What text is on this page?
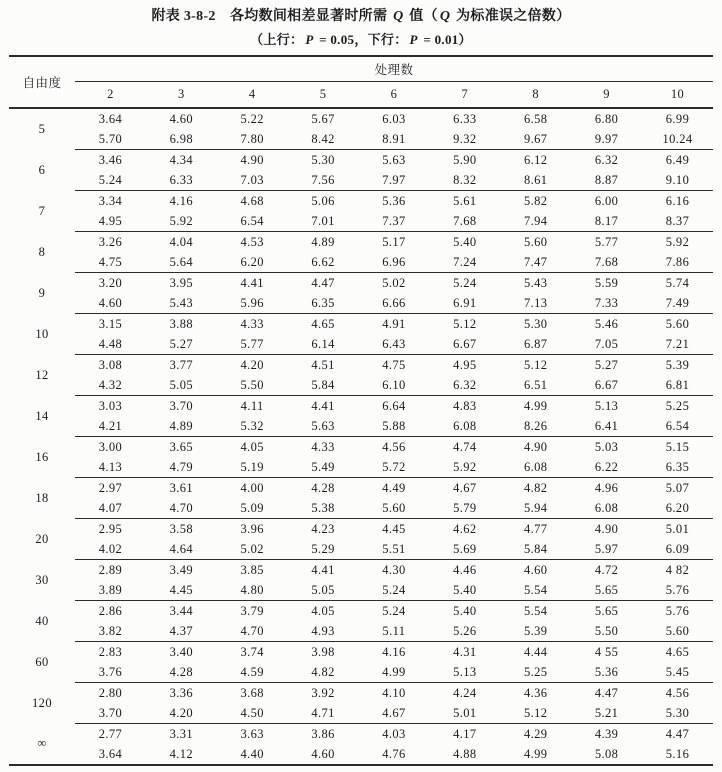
附表 3-8-2　各均数间相差显著时所需 Q 值（ Q 为标准误之倍数）
（上行： P = 0.05，下行： P = 0.01）
自由度	处理数								
	2	3	4	5	6	7	8	9	10
5	3.64	4.60	5.22	5.67	6.03	6.33	6.58	6.80	6.99
	5.70	6.98	7.80	8.42	8.91	9.32	9.67	9.97	10.24
6	3.46	4.34	4.90	5.30	5.63	5.90	6.12	6.32	6.49
	5.24	6.33	7.03	7.56	7.97	8.32	8.61	8.87	9.10
7	3.34	4.16	4.68	5.06	5.36	5.61	5.82	6.00	6.16
	4.95	5.92	6.54	7.01	7.37	7.68	7.94	8.17	8.37
8	3.26	4.04	4.53	4.89	5.17	5.40	5.60	5.77	5.92
	4.75	5.64	6.20	6.62	6.96	7.24	7.47	7.68	7.86
9	3.20	3.95	4.41	4.47	5.02	5.24	5.43	5.59	5.74
	4.60	5.43	5.96	6.35	6.66	6.91	7.13	7.33	7.49
10	3.15	3.88	4.33	4.65	4.91	5.12	5.30	5.46	5.60
	4.48	5.27	5.77	6.14	6.43	6.67	6.87	7.05	7.21
12	3.08	3.77	4.20	4.51	4.75	4.95	5.12	5.27	5.39
	4.32	5.05	5.50	5.84	6.10	6.32	6.51	6.67	6.81
14	3.03	3.70	4.11	4.41	6.64	4.83	4.99	5.13	5.25
	4.21	4.89	5.32	5.63	5.88	6.08	8.26	6.41	6.54
16	3.00	3.65	4.05	4.33	4.56	4.74	4.90	5.03	5.15
	4.13	4.79	5.19	5.49	5.72	5.92	6.08	6.22	6.35
18	2.97	3.61	4.00	4.28	4.49	4.67	4.82	4.96	5.07
	4.07	4.70	5.09	5.38	5.60	5.79	5.94	6.08	6.20
20	2.95	3.58	3.96	4.23	4.45	4.62	4.77	4.90	5.01
	4.02	4.64	5.02	5.29	5.51	5.69	5.84	5.97	6.09
30	2.89	3.49	3.85	4.41	4.30	4.46	4.60	4.72	4 82
	3.89	4.45	4.80	5.05	5.24	5.40	5.54	5.65	5.76
40	2.86	3.44	3.79	4.05	5.24	5.40	5.54	5.65	5.76
	3.82	4.37	4.70	4.93	5.11	5.26	5.39	5.50	5.60
60	2.83	3.40	3.74	3.98	4.16	4.31	4.44	4 55	4.65
	3.76	4.28	4.59	4.82	4.99	5.13	5.25	5.36	5.45
120	2.80	3.36	3.68	3.92	4.10	4.24	4.36	4.47	4.56
	3.70	4.20	4.50	4.71	4.67	5.01	5.12	5.21	5.30
∞	2.77	3.31	3.63	3.86	4.03	4.17	4.29	4.39	4.47
	3.64	4.12	4.40	4.60	4.76	4.88	4.99	5.08	5.16
